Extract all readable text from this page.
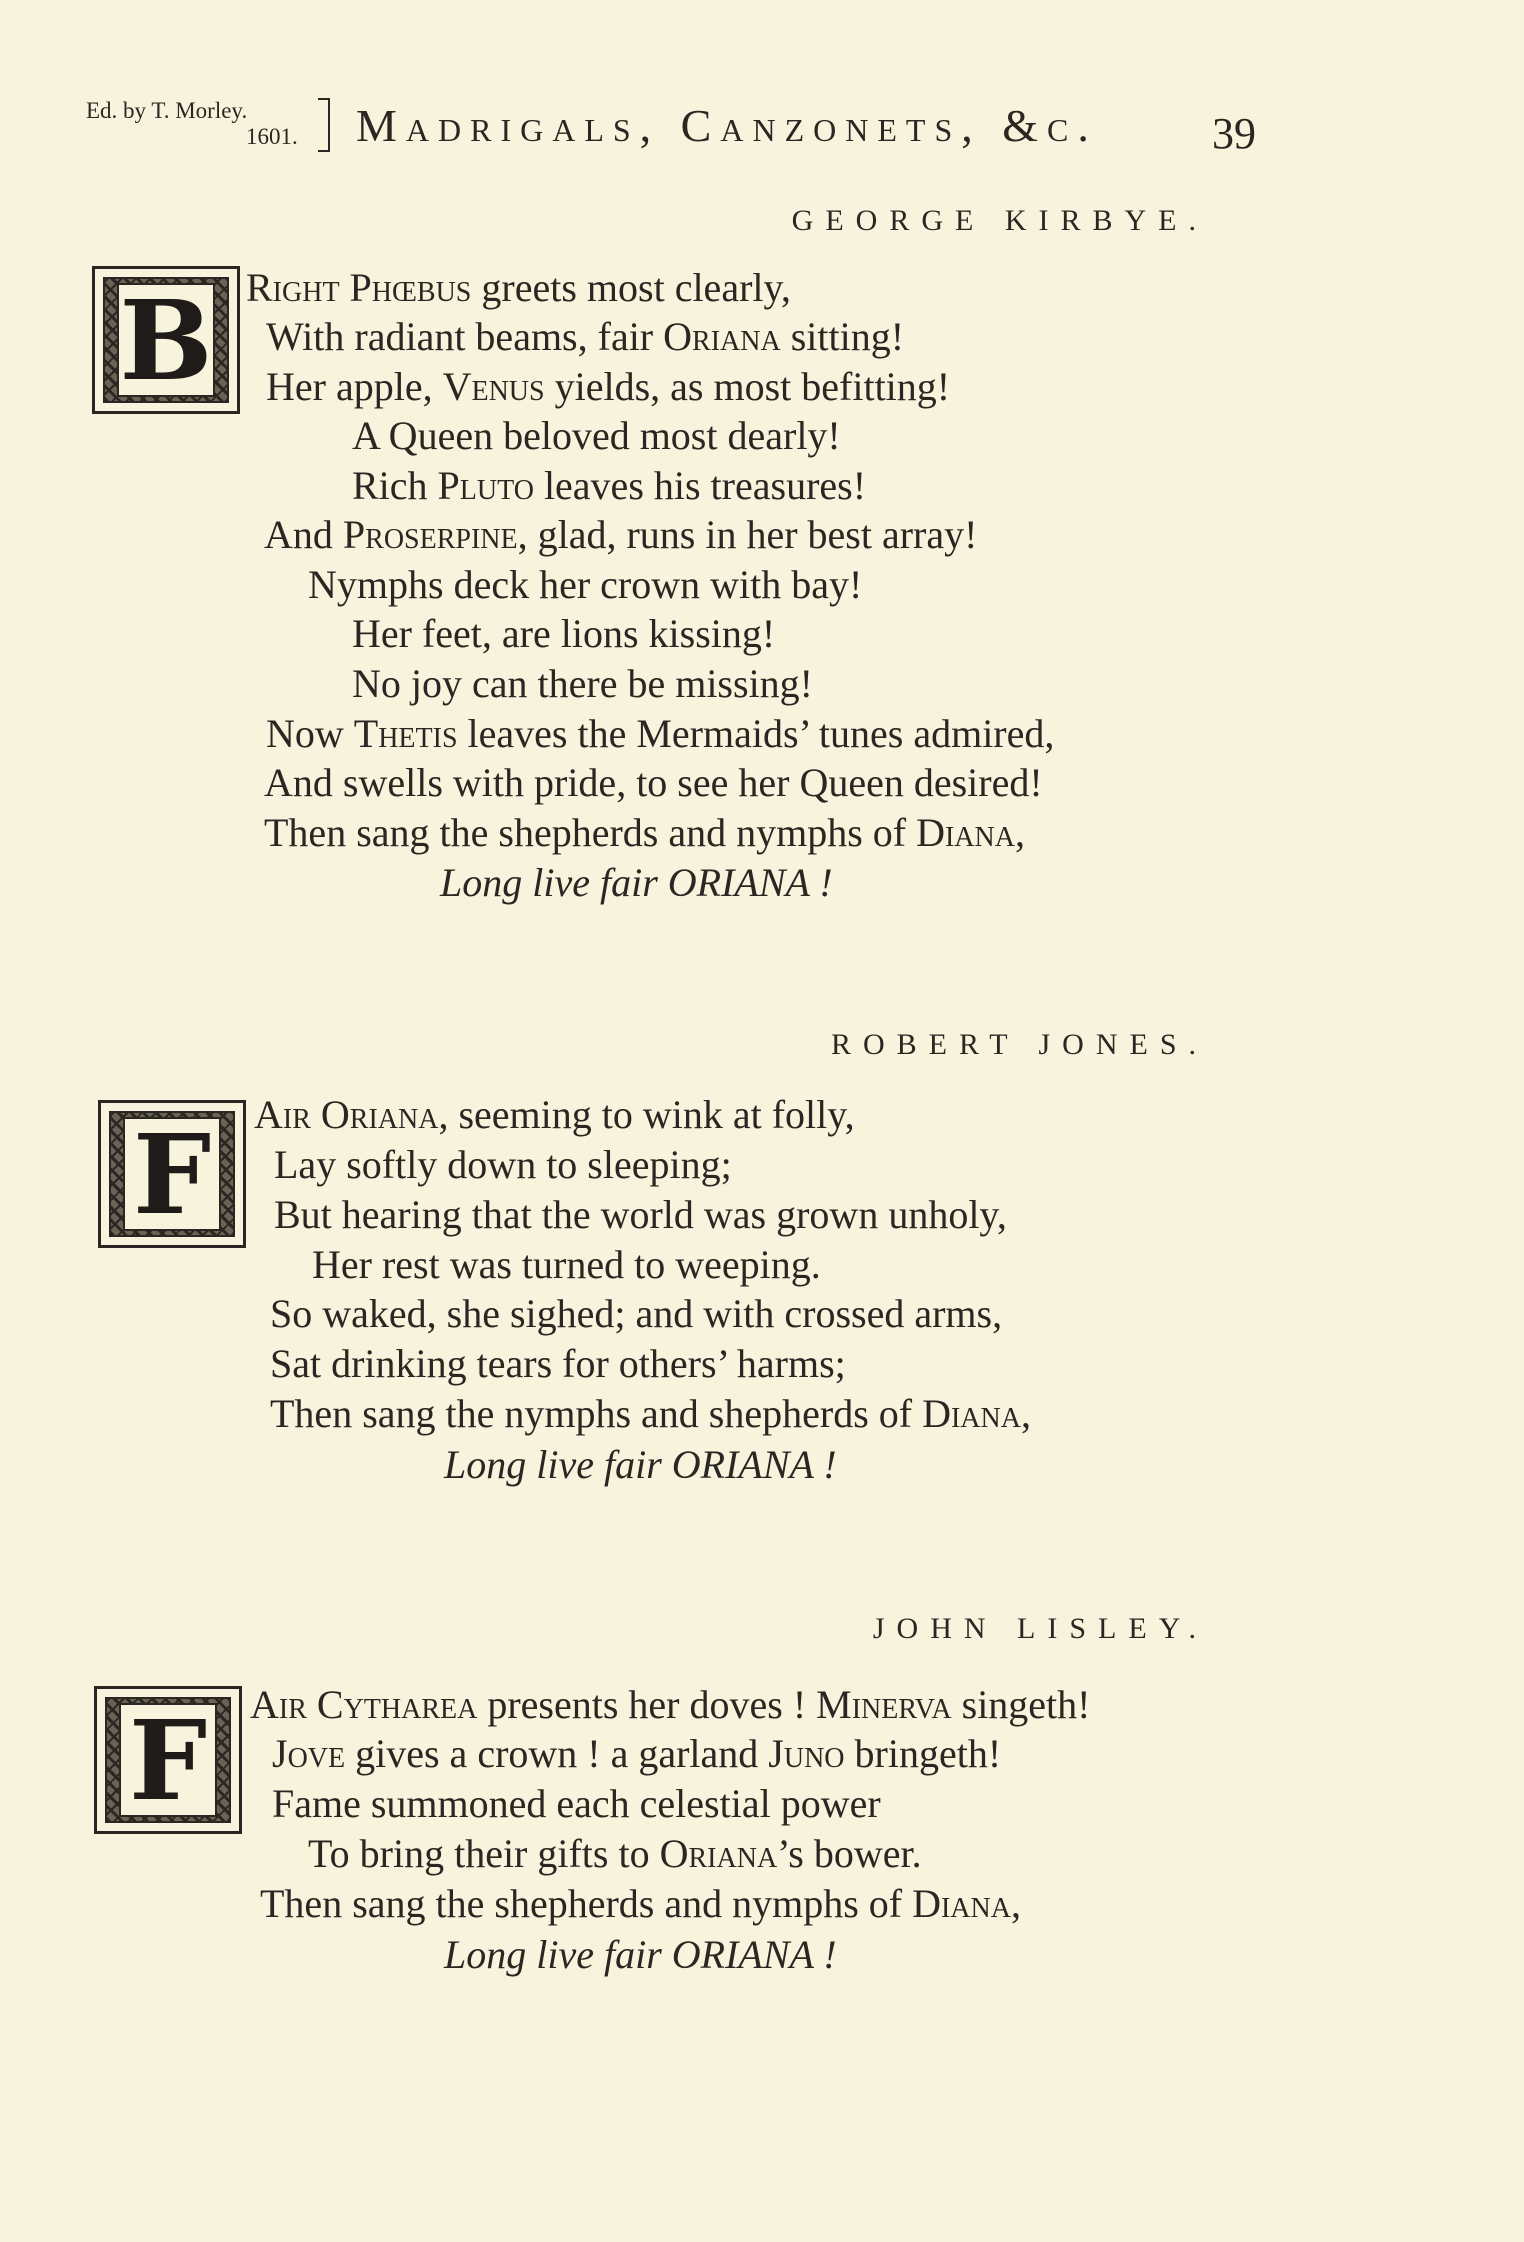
Ed. by T. Morley.
1601. Madrigals, Canzonets, &c.	39
GEORGE KIRBYE.
B Right Phœbus greets most clearly,
With radiant beams, fair Oriana sitting!
Her apple, Venus yields, as most befitting!
A Queen beloved most dearly!
Rich Pluto leaves his treasures!
And Proserpine, glad, runs in her best array!
Nymphs deck her crown with bay!
Her feet, are lions kissing!
No joy can there be missing!
Now Thetis leaves the Mermaids’ tunes admired,
And swells with pride, to see her Queen desired!
Then sang the shepherds and nymphs of Diana,
Long live fair ORIANA !
ROBERT JONES.
F Air Oriana, seeming to wink at folly,
Lay softly down to sleeping;
But hearing that the world was grown unholy,
Her rest was turned to weeping.
So waked, she sighed; and with crossed arms,
Sat drinking tears for others’ harms;
Then sang the nymphs and shepherds of Diana,
Long live fair ORIANA !
JOHN LISLEY.
F Air Cytharea presents her doves ! Minerva singeth!
Jove gives a crown ! a garland Juno bringeth!
Fame summoned each celestial power
To bring their gifts to Oriana’s bower.
Then sang the shepherds and nymphs of Diana,
Long live fair ORIANA !
